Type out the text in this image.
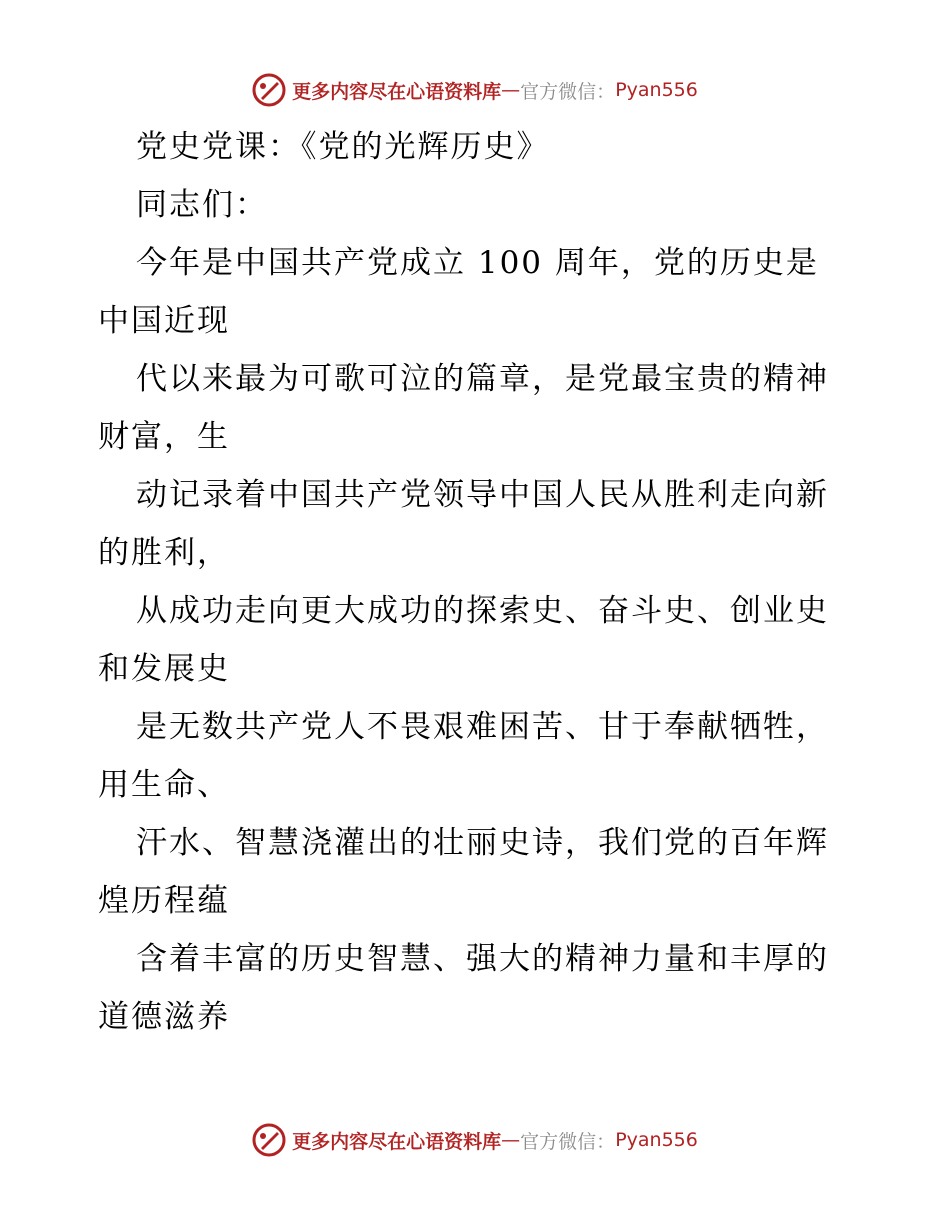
更多内容尽在心语资料库 — 官方微信： Pyan556
党史党课：《党的光辉历史》
同志们：
今年是中国共产党成立 100 周年，党的历史是
中国近现
代以来最为可歌可泣的篇章，是党最宝贵的精神
财富，生
动记录着中国共产党领导中国人民从胜利走向新
的胜利，
从成功走向更大成功的探索史、奋斗史、创业史
和发展史
是无数共产党人不畏艰难困苦、甘于奉献牺牲，
用生命、
汗水、智慧浇灌出的壮丽史诗，我们党的百年辉
煌历程蕴
含着丰富的历史智慧、强大的精神力量和丰厚的
道德滋养
更多内容尽在心语资料库 — 官方微信： Pyan556
